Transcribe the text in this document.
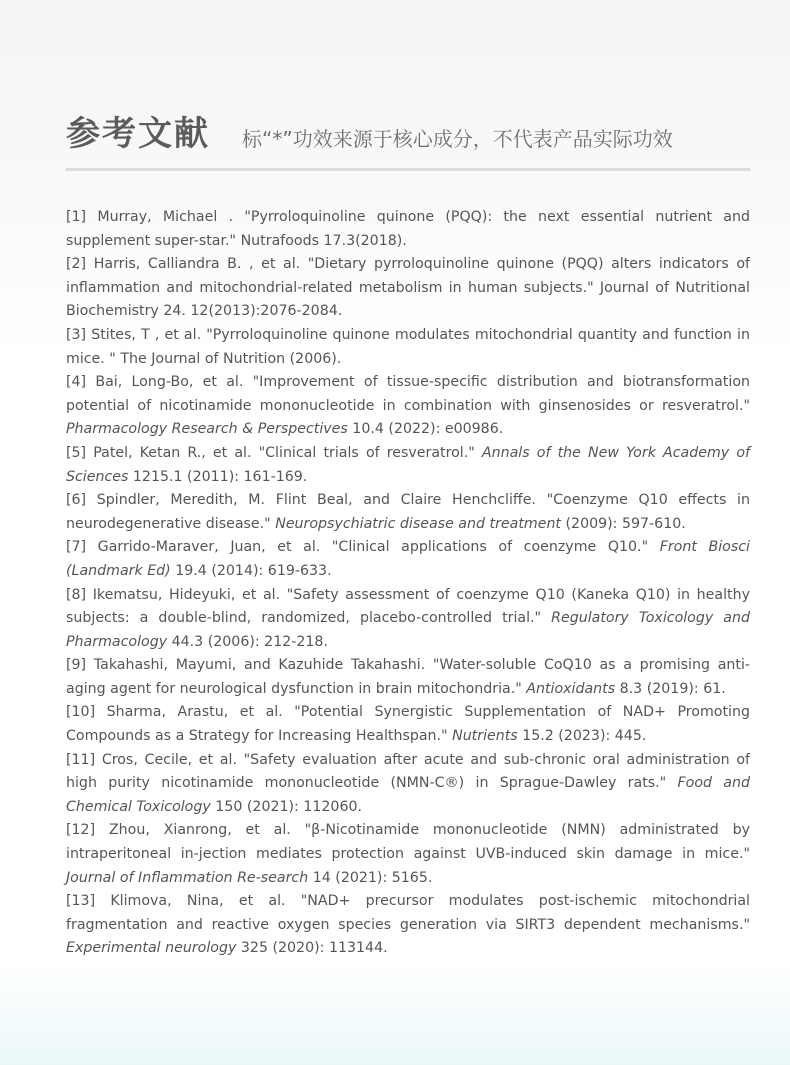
参考文献 标“*”功效来源于核心成分，不代表产品实际功效
[1] Murray, Michael . "Pyrroloquinoline quinone (PQQ): the next essential nutrient and supplement super-star." Nutrafoods 17.3(2018).
[2] Harris, Calliandra B. , et al. "Dietary pyrroloquinoline quinone (PQQ) alters indicators of inflammation and mitochondrial-related metabolism in human subjects." Journal of Nutritional Biochemistry 24. 12(2013):2076-2084.
[3] Stites, T , et al. "Pyrroloquinoline quinone modulates mitochondrial quantity and function in mice. " The Journal of Nutrition (2006).
[4] Bai, Long-Bo, et al. "Improvement of tissue-specific distribution and biotransformation potential of nicotinamide mononucleotide in combination with ginsenosides or resveratrol." Pharmacology Research & Perspectives 10.4 (2022): e00986.
[5] Patel, Ketan R., et al. "Clinical trials of resveratrol." Annals of the New York Academy of Sciences 1215.1 (2011): 161-169.
[6] Spindler, Meredith, M. Flint Beal, and Claire Henchcliffe. "Coenzyme Q10 effects in neurodegenerative disease." Neuropsychiatric disease and treatment (2009): 597-610.
[7] Garrido-Maraver, Juan, et al. "Clinical applications of coenzyme Q10." Front Biosci (Landmark Ed) 19.4 (2014): 619-633.
[8] Ikematsu, Hideyuki, et al. "Safety assessment of coenzyme Q10 (Kaneka Q10) in healthy subjects: a double-blind, randomized, placebo-controlled trial." Regulatory Toxicology and Pharmacology 44.3 (2006): 212-218.
[9] Takahashi, Mayumi, and Kazuhide Takahashi. "Water-soluble CoQ10 as a promising anti-aging agent for neurological dysfunction in brain mitochondria." Antioxidants 8.3 (2019): 61.
[10] Sharma, Arastu, et al. "Potential Synergistic Supplementation of NAD+ Promoting Compounds as a Strategy for Increasing Healthspan." Nutrients 15.2 (2023): 445.
[11] Cros, Cecile, et al. "Safety evaluation after acute and sub-chronic oral administration of high purity nicotinamide mononucleotide (NMN-C®) in Sprague-Dawley rats." Food and Chemical Toxicology 150 (2021): 112060.
[12] Zhou, Xianrong, et al. "β-Nicotinamide mononucleotide (NMN) administrated by intraperitoneal in-jection mediates protection against UVB-induced skin damage in mice." Journal of Inflammation Re-search 14 (2021): 5165.
[13] Klimova, Nina, et al. "NAD+ precursor modulates post-ischemic mitochondrial fragmentation and reactive oxygen species generation via SIRT3 dependent mechanisms." Experimental neurology 325 (2020): 113144.
